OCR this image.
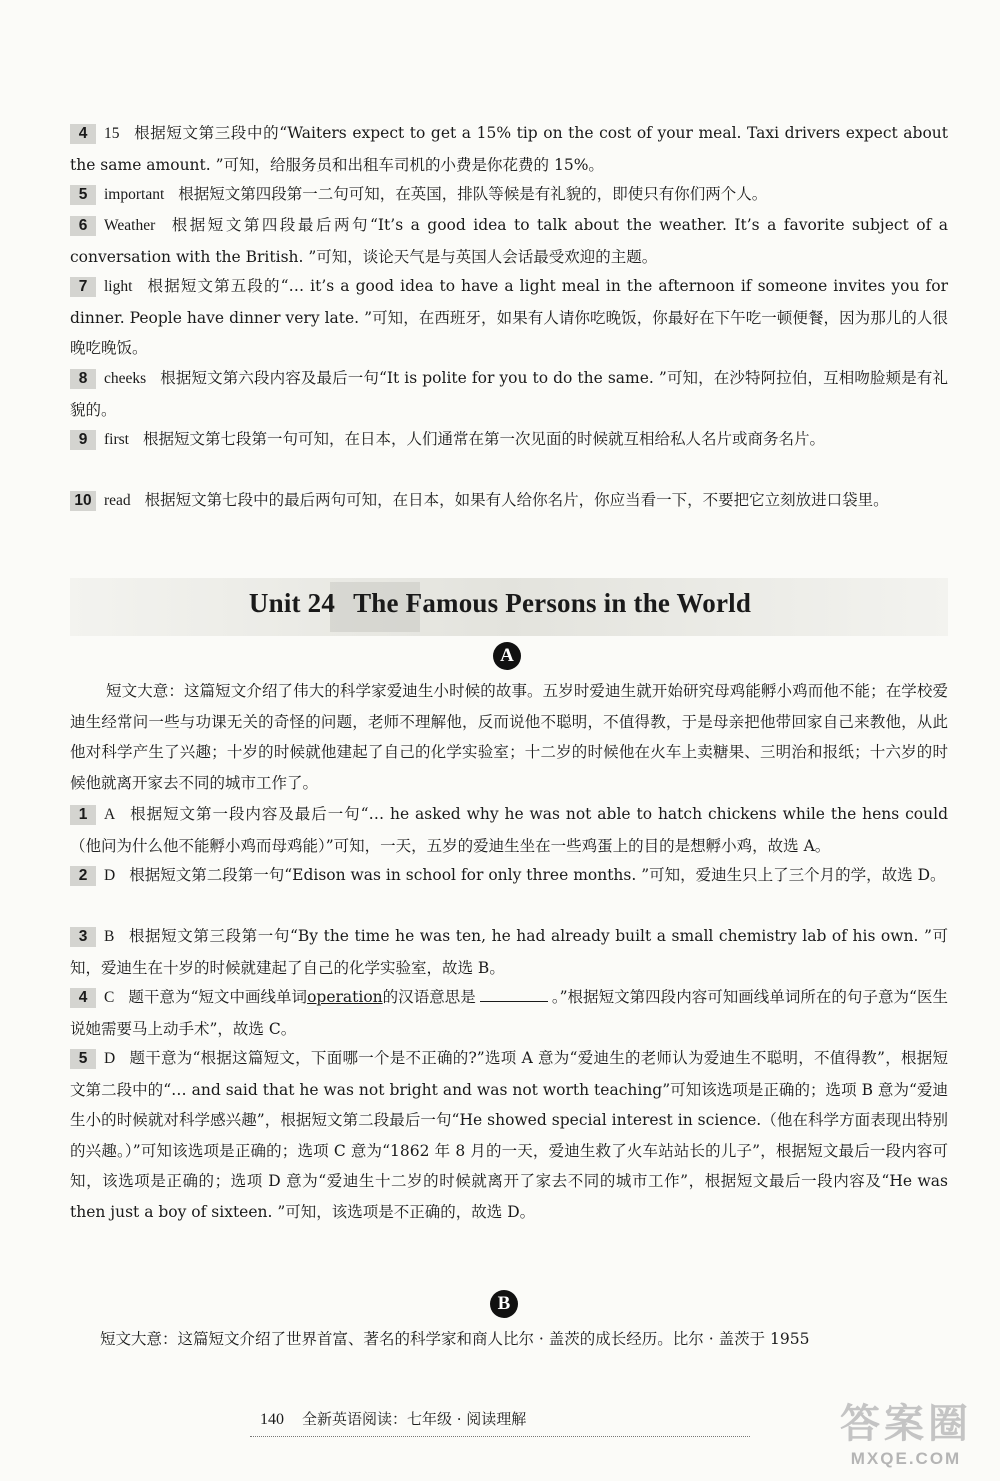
4 15 根据短文第三段中的“Waiters expect to get a 15% tip on the cost of your meal. Taxi drivers expect about the same amount. ”可知，给服务员和出租车司机的小费是你花费的 15%。
5 important 根据短文第四段第一二句可知，在英国，排队等候是有礼貌的，即使只有你们两个人。
6 Weather 根据短文第四段最后两句“It’s a good idea to talk about the weather. It’s a favorite subject of a conversation with the British. ”可知，谈论天气是与英国人会话最受欢迎的主题。
7 light 根据短文第五段的“… it’s a good idea to have a light meal in the afternoon if someone invites you for dinner. People have dinner very late. ”可知，在西班牙，如果有人请你吃晚饭，你最好在下午吃一顿便餐，因为那儿的人很晚吃晚饭。
8 cheeks 根据短文第六段内容及最后一句“It is polite for you to do the same. ”可知，在沙特阿拉伯，互相吻脸颊是有礼貌的。
9 first 根据短文第七段第一句可知，在日本，人们通常在第一次见面的时候就互相给私人名片或商务名片。
10 read 根据短文第七段中的最后两句可知，在日本，如果有人给你名片，你应当看一下，不要把它立刻放进口袋里。
Unit 24 The Famous Persons in the World
A
短文大意：这篇短文介绍了伟大的科学家爱迪生小时候的故事。五岁时爱迪生就开始研究母鸡能孵小鸡而他不能；在学校爱迪生经常问一些与功课无关的奇怪的问题，老师不理解他，反而说他不聪明，不值得教，于是母亲把他带回家自己来教他，从此他对科学产生了兴趣；十岁的时候就他建起了自己的化学实验室；十二岁的时候他在火车上卖糖果、三明治和报纸；十六岁的时候他就离开家去不同的城市工作了。
1 A 根据短文第一段内容及最后一句“… he asked why he was not able to hatch chickens while the hens could（他问为什么他不能孵小鸡而母鸡能）”可知，一天，五岁的爱迪生坐在一些鸡蛋上的目的是想孵小鸡，故选 A。
2 D 根据短文第二段第一句“Edison was in school for only three months. ”可知，爱迪生只上了三个月的学，故选 D。
3 B 根据短文第三段第一句“By the time he was ten, he had already built a small chemistry lab of his own. ”可知，爱迪生在十岁的时候就建起了自己的化学实验室，故选 B。
4 C 题干意为“短文中画线单词operation的汉语意思是	。”根据短文第四段内容可知画线单词所在的句子意为“医生说她需要马上动手术”，故选 C。
5 D 题干意为“根据这篇短文，下面哪一个是不正确的?”选项 A 意为“爱迪生的老师认为爱迪生不聪明，不值得教”，根据短文第二段中的“… and said that he was not bright and was not worth teaching”可知该选项是正确的；选项 B 意为“爱迪生小的时候就对科学感兴趣”，根据短文第二段最后一句“He showed special interest in science.（他在科学方面表现出特别的兴趣。）”可知该选项是正确的；选项 C 意为“1862 年 8 月的一天，爱迪生救了火车站站长的儿子”，根据短文最后一段内容可知，该选项是正确的；选项 D 意为“爱迪生十二岁的时候就离开了家去不同的城市工作”，根据短文最后一段内容及“He was then just a boy of sixteen. ”可知，该选项是不正确的，故选 D。
B
短文大意：这篇短文介绍了世界首富、著名的科学家和商人比尔 · 盖茨的成长经历。比尔 · 盖茨于 1955
140 全新英语阅读：七年级 · 阅读理解	答案圈
MXQE.COM
